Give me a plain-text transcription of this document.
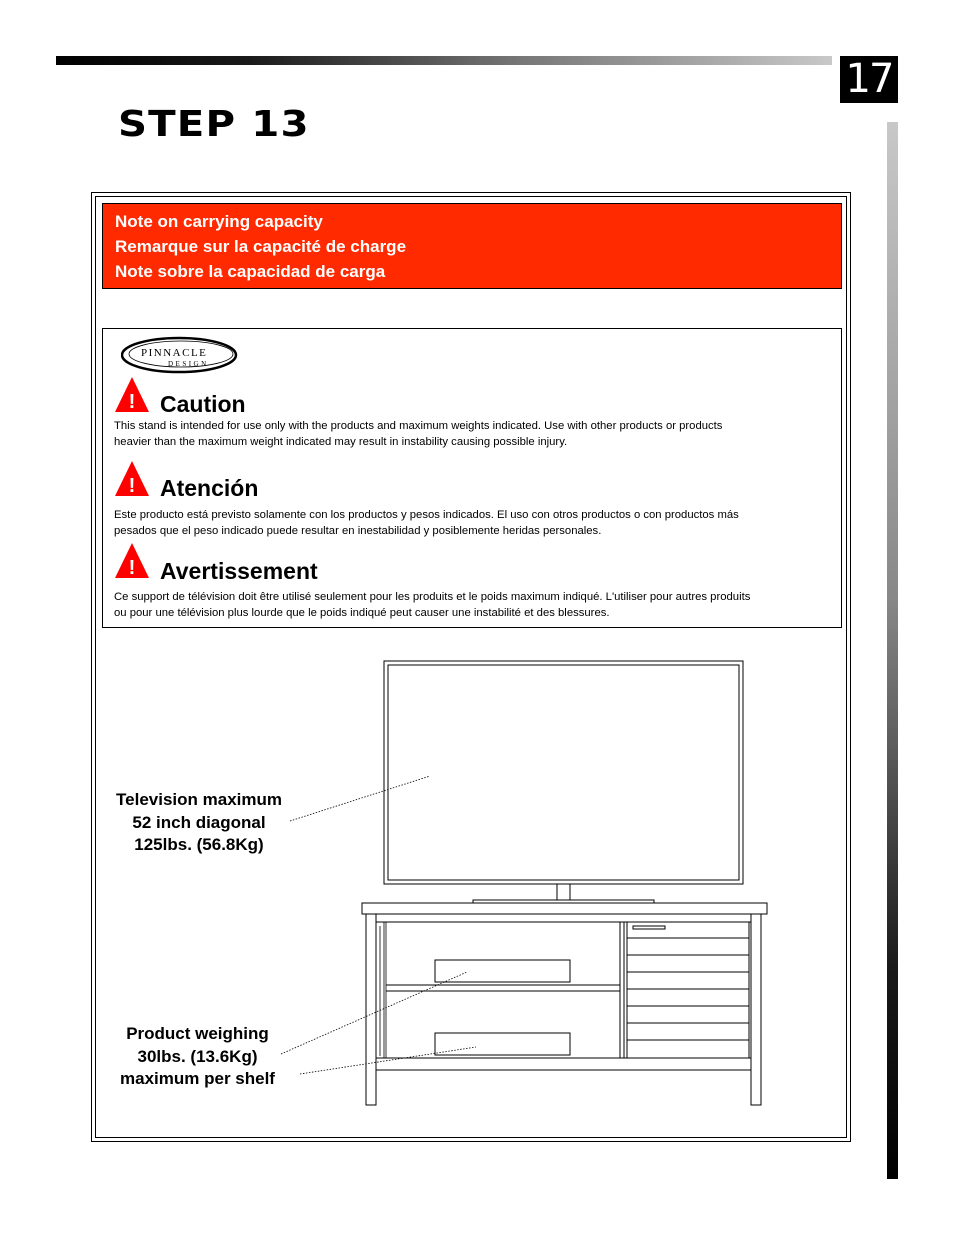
17
STEP 13
Note on carrying capacity
Remarque sur la capacité de charge
Note sobre la capacidad de carga
PINNACLE
DESIGN
! Caution
This stand is intended for use only with the products and maximum weights indicated. Use with other products or products
heavier than the maximum weight indicated may result in instability causing possible injury.
! Atención
Este producto está previsto solamente con los productos y pesos indicados. El uso con otros productos o con productos más
pesados que el peso indicado puede resultar en inestabilidad y posiblemente heridas personales.
! Avertissement
Ce support de télévision doit être utilisé seulement pour les produits et le poids maximum indiqué. L'utiliser pour autres produits
ou pour une télévision plus lourde que le poids indiqué peut causer une instabilité et des blessures.
Television maximum
52 inch diagonal
125lbs. (56.8Kg)
Product weighing
30lbs. (13.6Kg)
maximum per shelf
